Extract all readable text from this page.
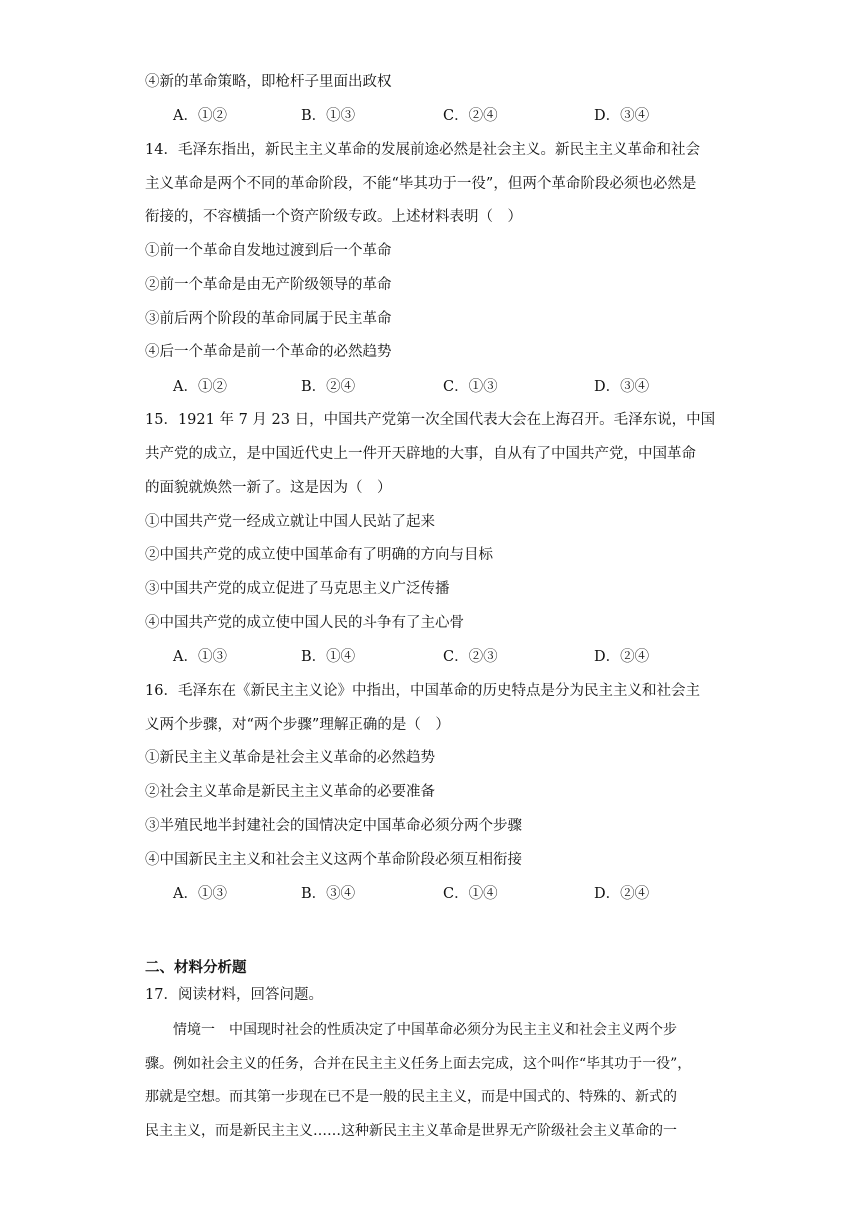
④新的革命策略，即枪杆子里面出政权
A．①②	B．①③	C．②④	D．③④
14．毛泽东指出，新民主主义革命的发展前途必然是社会主义。新民主主义革命和社会
主义革命是两个不同的革命阶段，不能“毕其功于一役”，但两个革命阶段必须也必然是
衔接的，不容横插一个资产阶级专政。上述材料表明（　）
①前一个革命自发地过渡到后一个革命
②前一个革命是由无产阶级领导的革命
③前后两个阶段的革命同属于民主革命
④后一个革命是前一个革命的必然趋势
A．①②	B．②④	C．①③	D．③④
15．1921 年 7 月 23 日，中国共产党第一次全国代表大会在上海召开。毛泽东说，中国
共产党的成立，是中国近代史上一件开天辟地的大事，自从有了中国共产党，中国革命
的面貌就焕然一新了。这是因为（　）
①中国共产党一经成立就让中国人民站了起来
②中国共产党的成立使中国革命有了明确的方向与目标
③中国共产党的成立促进了马克思主义广泛传播
④中国共产党的成立使中国人民的斗争有了主心骨
A．①③	B．①④	C．②③	D．②④
16．毛泽东在《新民主主义论》中指出，中国革命的历史特点是分为民主主义和社会主
义两个步骤，对“两个步骤”理解正确的是（　）
①新民主主义革命是社会主义革命的必然趋势
②社会主义革命是新民主主义革命的必要准备
③半殖民地半封建社会的国情决定中国革命必须分两个步骤
④中国新民主主义和社会主义这两个革命阶段必须互相衔接
A．①③	B．③④	C．①④	D．②④
二、材料分析题
17．阅读材料，回答问题。
情境一　中国现时社会的性质决定了中国革命必须分为民主主义和社会主义两个步
骤。例如社会主义的任务，合并在民主主义任务上面去完成，这个叫作“毕其功于一役”，
那就是空想。而其第一步现在已不是一般的民主主义，而是中国式的、特殊的、新式的
民主主义，而是新民主主义……这种新民主主义革命是世界无产阶级社会主义革命的一
